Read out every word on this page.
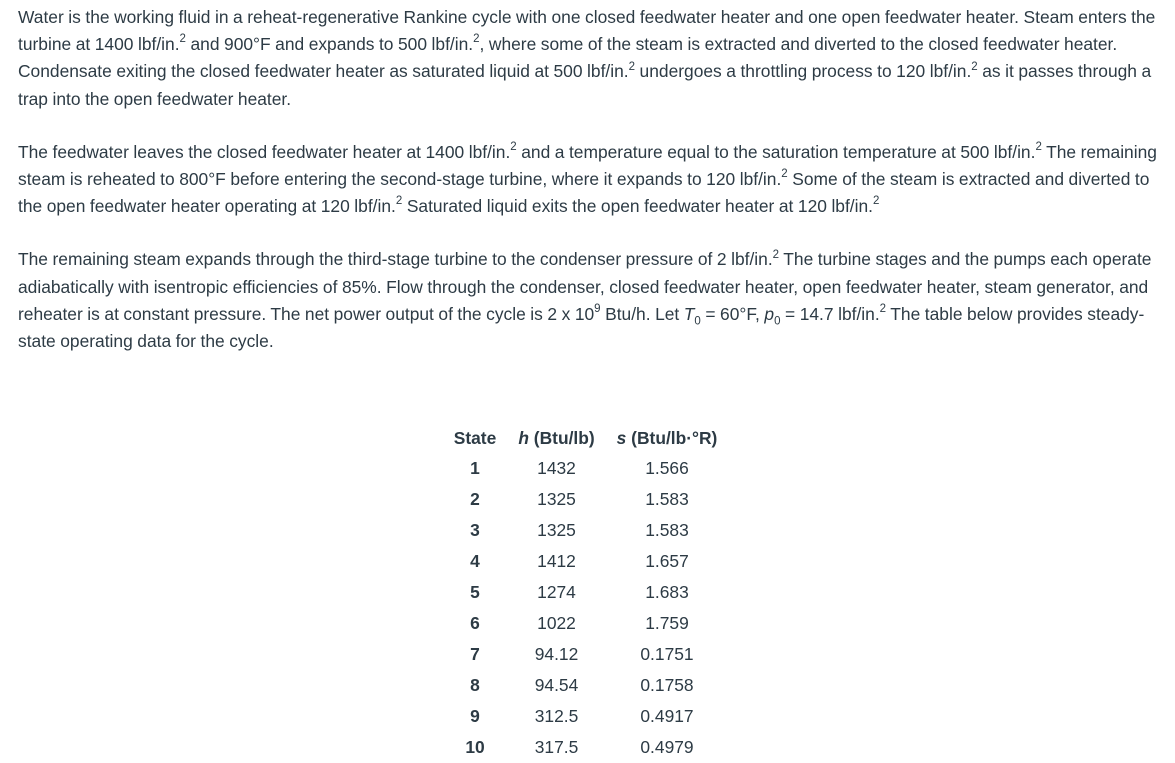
Water is the working fluid in a reheat-regenerative Rankine cycle with one closed feedwater heater and one open feedwater heater. Steam enters the turbine at 1400 lbf/in.$^2$ and 900°F and expands to 500 lbf/in.$^2$, where some of the steam is extracted and diverted to the closed feedwater heater. Condensate exiting the closed feedwater heater as saturated liquid at 500 lbf/in.$^2$ undergoes a throttling process to 120 lbf/in.$^2$ as it passes through a trap into the open feedwater heater.

The feedwater leaves the closed feedwater heater at 1400 lbf/in.$^2$ and a temperature equal to the saturation temperature at 500 lbf/in.$^2$ The remaining steam is reheated to 800°F before entering the second-stage turbine, where it expands to 120 lbf/in.$^2$ Some of the steam is extracted and diverted to the open feedwater heater operating at 120 lbf/in.$^2$ Saturated liquid exits the open feedwater heater at 120 lbf/in.$^2$

The remaining steam expands through the third-stage turbine to the condenser pressure of 2 lbf/in.$^2$ The turbine stages and the pumps each operate adiabatically with isentropic efficiencies of 85%. Flow through the condenser, closed feedwater heater, open feedwater heater, steam generator, and reheater is at constant pressure. The net power output of the cycle is 2 x $10^9$ Btu/h. Let $T_0 = 60^\circ F$, $p_0 = 14.7$ lbf/in.$^2$ The table below provides steady-state operating data for the cycle.

State	h (Btu/lb)	s (Btu/lb·°R)
1	1432	1.566
2	1325	1.583
3	1325	1.583
4	1412	1.657
5	1274	1.683
6	1022	1.759
7	94.12	0.1751
8	94.54	0.1758
9	312.5	0.4917
10	317.5	0.4979
